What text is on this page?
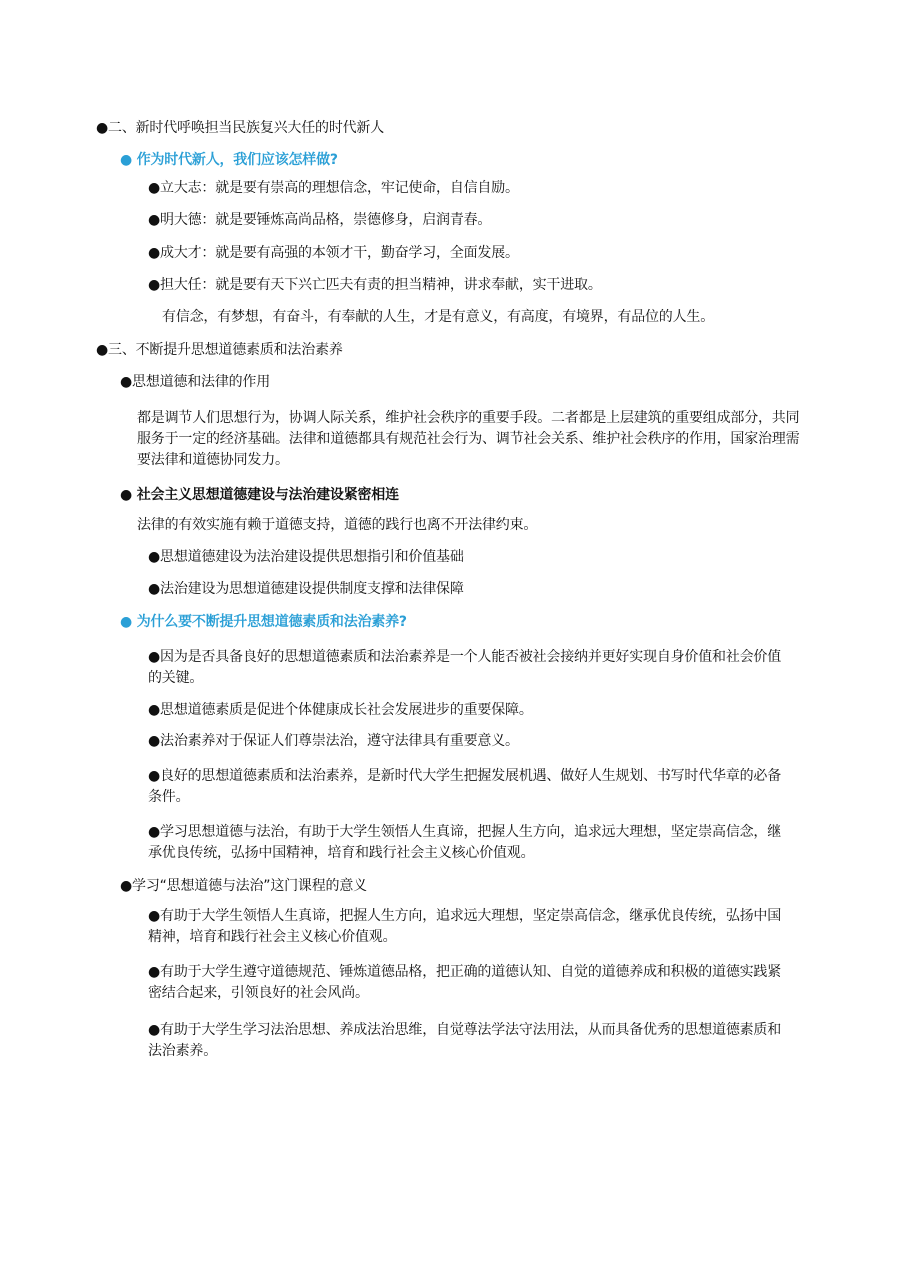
●二、新时代呼唤担当民族复兴大任的时代新人
● 作为时代新人，我们应该怎样做?
●立大志：就是要有崇高的理想信念，牢记使命，自信自励。
●明大德：就是要锤炼高尚品格，崇德修身，启润青春。
●成大才：就是要有高强的本领才干，勤奋学习，全面发展。
●担大任：就是要有天下兴亡匹夫有责的担当精神，讲求奉献，实干进取。
有信念，有梦想，有奋斗，有奉献的人生，才是有意义，有高度，有境界，有品位的人生。
●三、不断提升思想道德素质和法治素养
●思想道德和法律的作用
都是调节人们思想行为，协调人际关系，维护社会秩序的重要手段。二者都是上层建筑的重要组成部分，共同服务于一定的经济基础。法律和道德都具有规范社会行为、调节社会关系、维护社会秩序的作用，国家治理需要法律和道德协同发力。
● 社会主义思想道德建设与法治建设紧密相连
法律的有效实施有赖于道德支持，道德的践行也离不开法律约束。
●思想道德建设为法治建设提供思想指引和价值基础
●法治建设为思想道德建设提供制度支撑和法律保障
● 为什么要不断提升思想道德素质和法治素养?
●因为是否具备良好的思想道德素质和法治素养是一个人能否被社会接纳并更好实现自身价值和社会价值的关键。
●思想道德素质是促进个体健康成长社会发展进步的重要保障。
●法治素养对于保证人们尊崇法治，遵守法律具有重要意义。
●良好的思想道德素质和法治素养，是新时代大学生把握发展机遇、做好人生规划、书写时代华章的必备条件。
●学习思想道德与法治，有助于大学生领悟人生真谛，把握人生方向，追求远大理想，坚定崇高信念，继承优良传统，弘扬中国精神，培育和践行社会主义核心价值观。
●学习“思想道德与法治”这门课程的意义
●有助于大学生领悟人生真谛，把握人生方向，追求远大理想，坚定崇高信念，继承优良传统，弘扬中国精神，培育和践行社会主义核心价值观。
●有助于大学生遵守道德规范、锤炼道德品格，把正确的道德认知、自觉的道德养成和积极的道德实践紧密结合起来，引领良好的社会风尚。
●有助于大学生学习法治思想、养成法治思维，自觉尊法学法守法用法，从而具备优秀的思想道德素质和法治素养。
